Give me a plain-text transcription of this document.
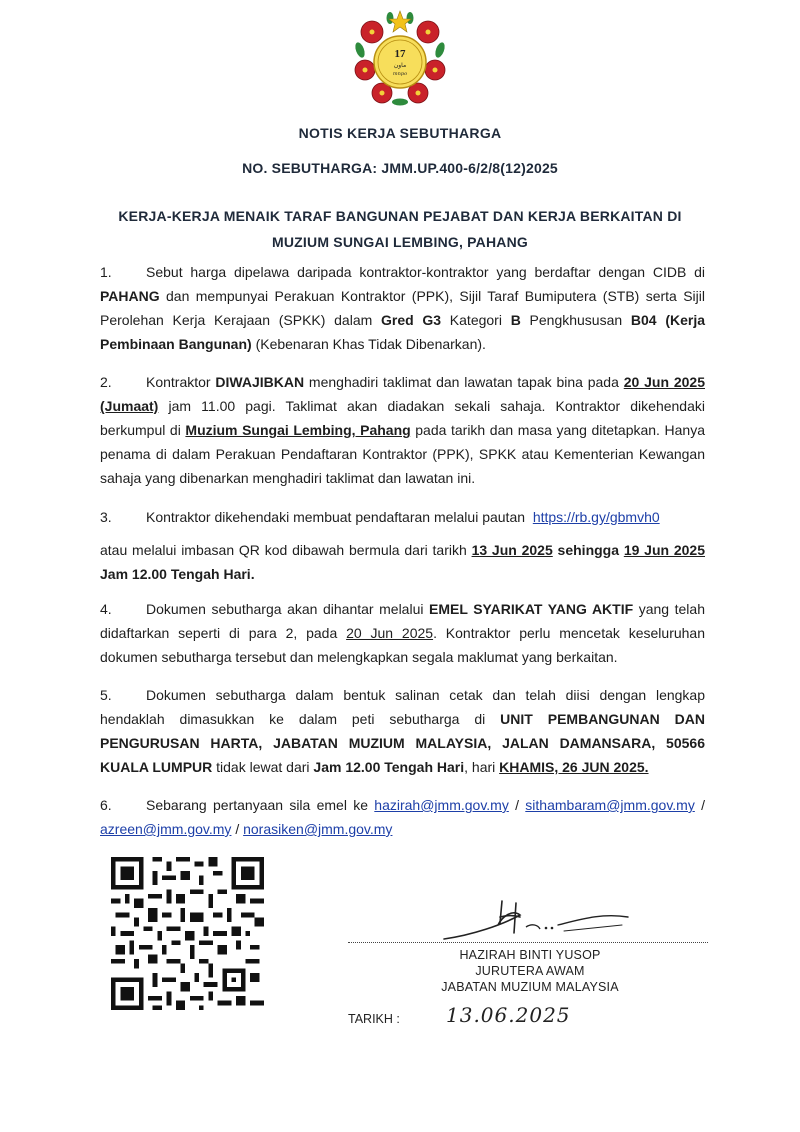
17
ماون
mnpo
NOTIS KERJA SEBUTHARGA
NO. SEBUTHARGA: JMM.UP.400-6/2/8(12)2025
KERJA-KERJA MENAIK TARAF BANGUNAN PEJABAT DAN KERJA BERKAITAN DI
MUZIUM SUNGAI LEMBING, PAHANG
1. Sebut harga dipelawa daripada kontraktor-kontraktor yang berdaftar dengan CIDB di PAHANG dan mempunyai Perakuan Kontraktor (PPK), Sijil Taraf Bumiputera (STB) serta Sijil Perolehan Kerja Kerajaan (SPKK) dalam Gred G3 Kategori B Pengkhususan B04 (Kerja Pembinaan Bangunan) (Kebenaran Khas Tidak Dibenarkan).
2. Kontraktor DIWAJIBKAN menghadiri taklimat dan lawatan tapak bina pada 20 Jun 2025 (Jumaat) jam 11.00 pagi. Taklimat akan diadakan sekali sahaja. Kontraktor dikehendaki berkumpul di Muzium Sungai Lembing, Pahang pada tarikh dan masa yang ditetapkan. Hanya penama di dalam Perakuan Pendaftaran Kontraktor (PPK), SPKK atau Kementerian Kewangan sahaja yang dibenarkan menghadiri taklimat dan lawatan ini.
3. Kontraktor dikehendaki membuat pendaftaran melalui pautan https://rb.gy/gbmvh0
atau melalui imbasan QR kod dibawah bermula dari tarikh 13 Jun 2025 sehingga 19 Jun 2025 Jam 12.00 Tengah Hari.
4. Dokumen sebutharga akan dihantar melalui EMEL SYARIKAT YANG AKTIF yang telah didaftarkan seperti di para 2, pada 20 Jun 2025. Kontraktor perlu mencetak keseluruhan dokumen sebutharga tersebut dan melengkapkan segala maklumat yang berkaitan.
5. Dokumen sebutharga dalam bentuk salinan cetak dan telah diisi dengan lengkap hendaklah dimasukkan ke dalam peti sebutharga di UNIT PEMBANGUNAN DAN PENGURUSAN HARTA, JABATAN MUZIUM MALAYSIA, JALAN DAMANSARA, 50566 KUALA LUMPUR tidak lewat dari Jam 12.00 Tengah Hari, hari KHAMIS, 26 JUN 2025.
6. Sebarang pertanyaan sila emel ke hazirah@jmm.gov.my / sithambaram@jmm.gov.my / azreen@jmm.gov.my / norasiken@jmm.gov.my
HAZIRAH BINTI YUSOP
JURUTERA AWAM
JABATAN MUZIUM MALAYSIA
TARIKH : 13.06.2025
